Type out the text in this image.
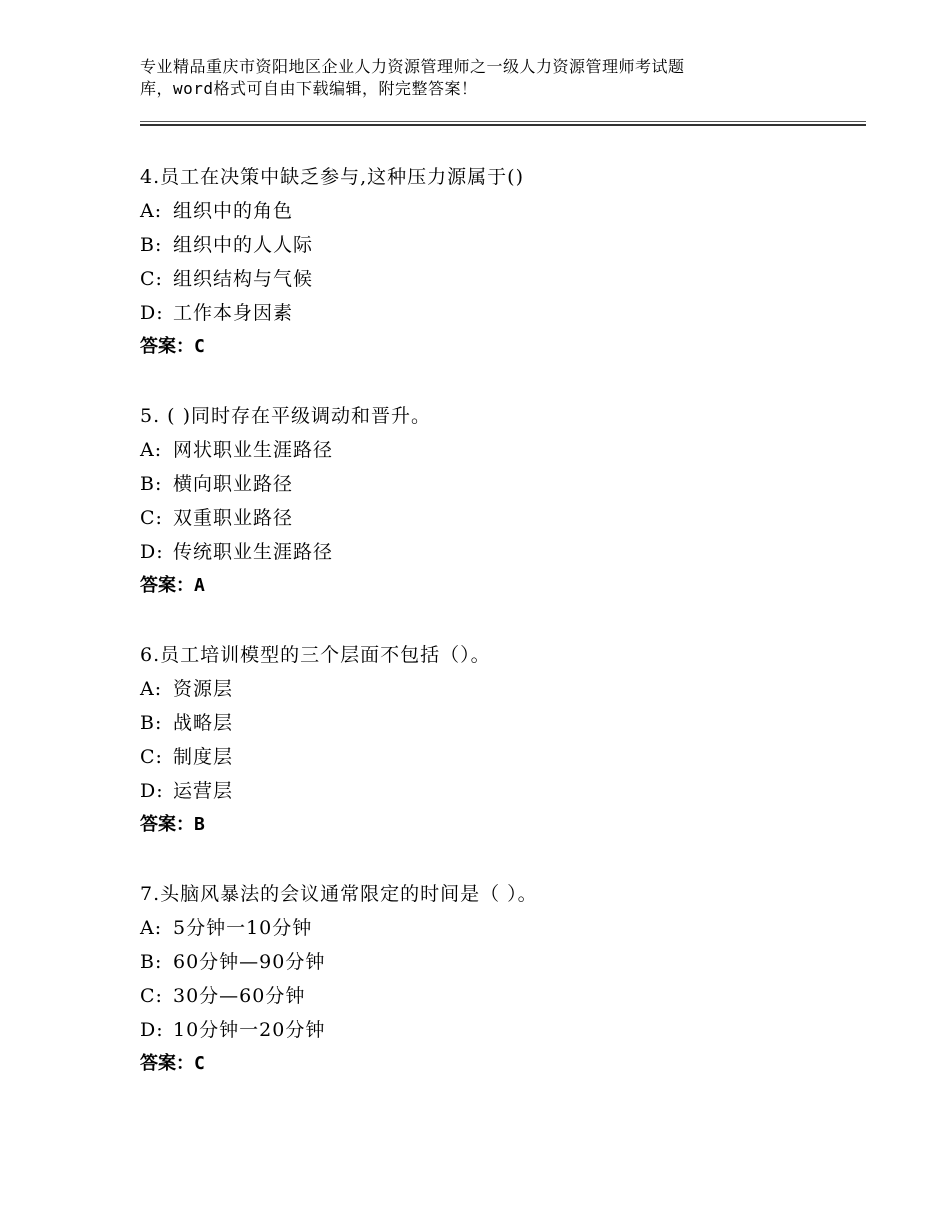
专业精品重庆市资阳地区企业人力资源管理师之一级人力资源管理师考试题
库，word格式可自由下载编辑，附完整答案！
4.员工在决策中缺乏参与,这种压力源属于()
A: 组织中的角色
B: 组织中的人人际
C: 组织结构与气候
D: 工作本身因素
答案：C
5. ( )同时存在平级调动和晋升。
A: 网状职业生涯路径
B: 横向职业路径
C: 双重职业路径
D: 传统职业生涯路径
答案：A
6.员工培训模型的三个层面不包括（）。
A: 资源层
B: 战略层
C: 制度层
D: 运营层
答案：B
7.头脑风暴法的会议通常限定的时间是（ ）。
A: 5分钟一10分钟
B: 60分钟—90分钟
C: 30分—60分钟
D: 10分钟一20分钟
答案：C
